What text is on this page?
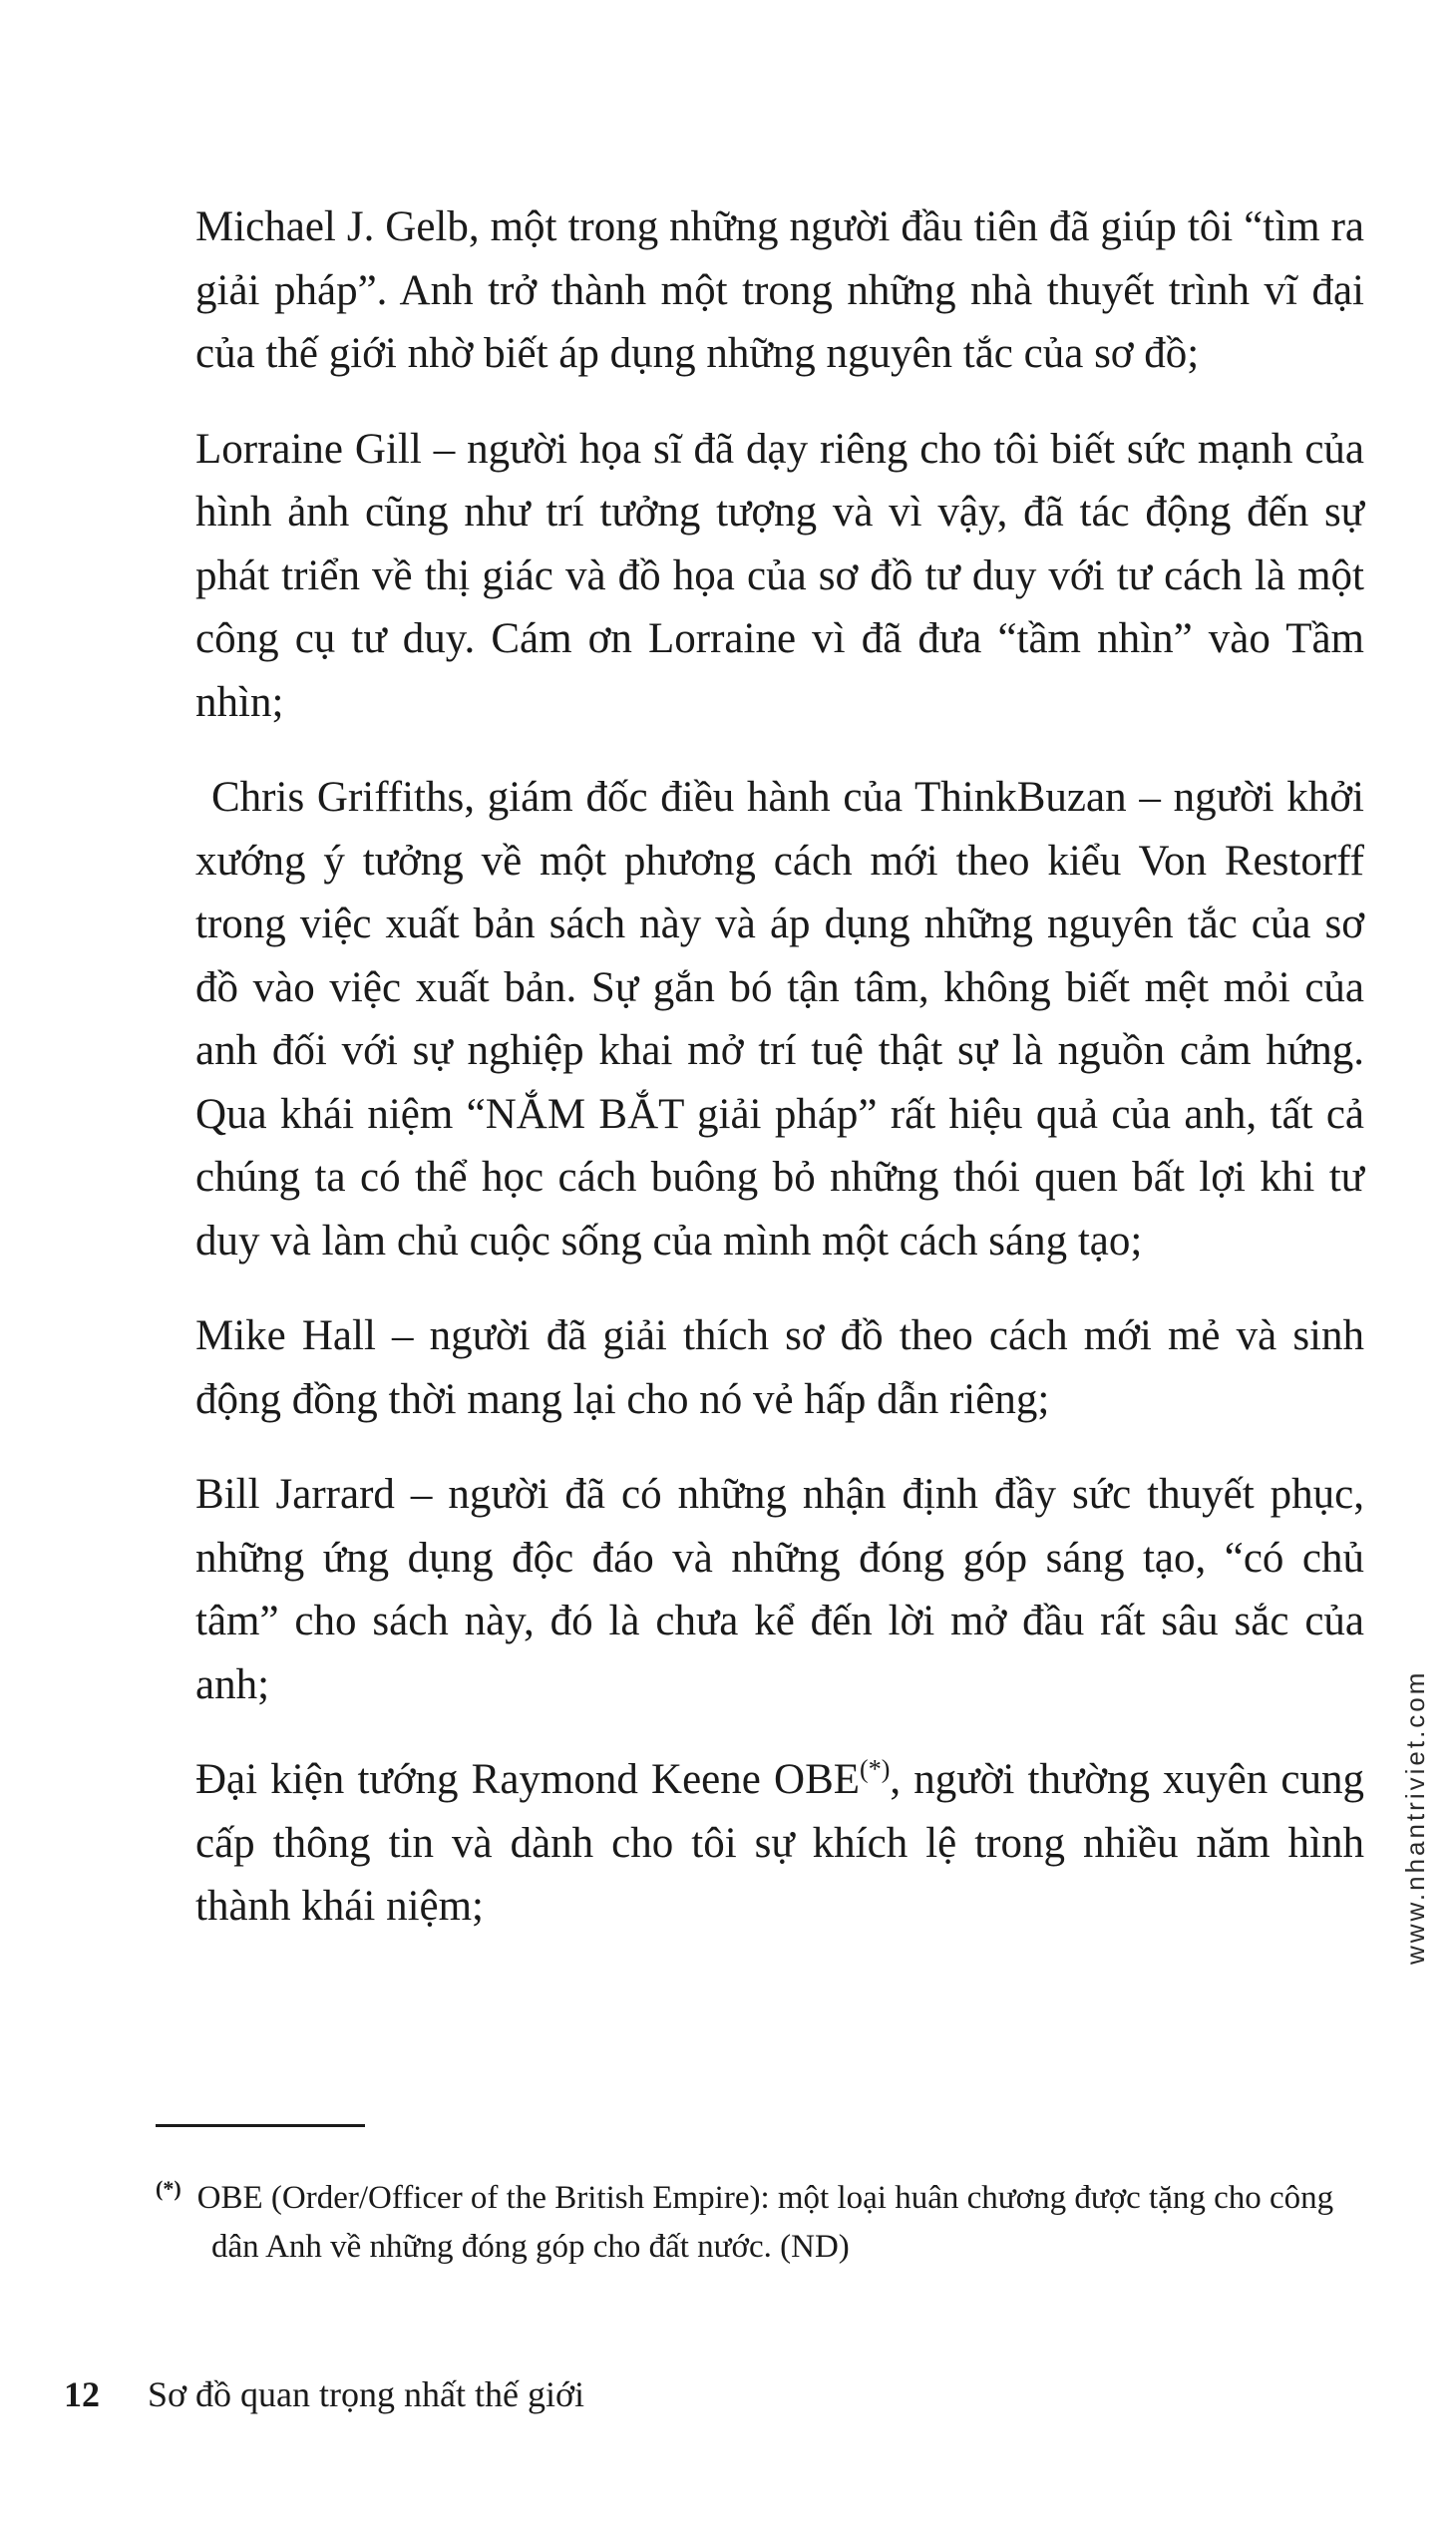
Michael J. Gelb, một trong những người đầu tiên đã giúp tôi “tìm ra giải pháp”. Anh trở thành một trong những nhà thuyết trình vĩ đại của thế giới nhờ biết áp dụng những nguyên tắc của sơ đồ;

Lorraine Gill – người họa sĩ đã dạy riêng cho tôi biết sức mạnh của hình ảnh cũng như trí tưởng tượng và vì vậy, đã tác động đến sự phát triển về thị giác và đồ họa của sơ đồ tư duy với tư cách là một công cụ tư duy. Cám ơn Lorraine vì đã đưa “tầm nhìn” vào Tầm nhìn;

Chris Griffiths, giám đốc điều hành của ThinkBuzan – người khởi xướng ý tưởng về một phương cách mới theo kiểu Von Restorff trong việc xuất bản sách này và áp dụng những nguyên tắc của sơ đồ vào việc xuất bản. Sự gắn bó tận tâm, không biết mệt mỏi của anh đối với sự nghiệp khai mở trí tuệ thật sự là nguồn cảm hứng. Qua khái niệm “NẮM BẮT giải pháp” rất hiệu quả của anh, tất cả chúng ta có thể học cách buông bỏ những thói quen bất lợi khi tư duy và làm chủ cuộc sống của mình một cách sáng tạo;

Mike Hall – người đã giải thích sơ đồ theo cách mới mẻ và sinh động đồng thời mang lại cho nó vẻ hấp dẫn riêng;

Bill Jarrard – người đã có những nhận định đầy sức thuyết phục, những ứng dụng độc đáo và những đóng góp sáng tạo, “có chủ tâm” cho sách này, đó là chưa kể đến lời mở đầu rất sâu sắc của anh;

Đại kiện tướng Raymond Keene OBE(*), người thường xuyên cung cấp thông tin và dành cho tôi sự khích lệ trong nhiều năm hình thành khái niệm;

(*) OBE (Order/Officer of the British Empire): một loại huân chương được tặng cho công
dân Anh về những đóng góp cho đất nước. (ND)
www.nhantriviet.com
12 Sơ đồ quan trọng nhất thế giới
